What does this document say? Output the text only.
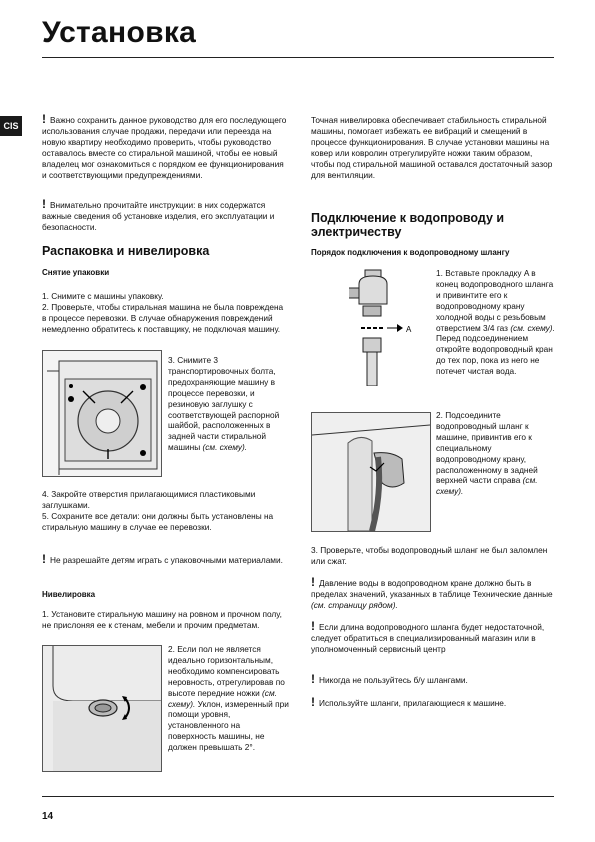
Установка
CIS ! Важно сохранить данное руководство для его последующего использования случае продажи, передачи или переезда на новую квартиру необходимо проверить, чтобы руководство оставалось вместе со стиральной машиной, чтобы ее новый владелец мог ознакомиться с порядком ее функционирования и соответствующими предупреждениями.
! Внимательно прочитайте инструкции: в них содержатся важные сведения об установке изделия, его эксплуатации и безопасности.
Распаковка и нивелировка
Снятие упаковки
1. Снимите с машины упаковку.
2. Проверьте, чтобы стиральная машина не была повреждена в процессе перевозки. В случае обнаружения повреждений немедленно обратитесь к поставщику, не подключая машину.
3. Снимите 3 транспортировочных болта, предохраняющие машину в процессе перевозки, и резиновую заглушку с соответствующей распорной шайбой, расположенных в задней части стиральной машины (см. схему).
4. Закройте отверстия прилагающимися пластиковыми заглушками.
5. Сохраните все детали: они должны быть установлены на стиральную машину в случае ее перевозки.
! Не разрешайте детям играть с упаковочными материалами.
Нивелировка
1. Установите стиральную машину на ровном и прочном полу, не прислоняя ее к стенам, мебели и прочим предметам.
2. Если пол не является идеально горизонтальным, необходимо компенсировать неровность, отрегулировав по высоте передние ножки (см. схему). Уклон, измеренный при помощи уровня, установленного на поверхность машины, не должен превышать 2°.
Точная нивелировка обеспечивает стабильность стиральной машины, помогает избежать ее вибраций и смещений в процессе функционирования. В случае установки машины на ковер или ковролин отрегулируйте ножки таким образом, чтобы под стиральной машиной оставался достаточный зазор для вентиляции.
Подключение к водопроводу и электричеству
Порядок подключения к водопроводному шлангу
A
1. Вставьте прокладку A в конец водопроводного шланга и привинтите его к водопроводному крану холодной воды с резьбовым отверстием 3/4 газ (см. схему). Перед подсоединением откройте водопроводный кран до тех пор, пока из него не потечет чистая вода.
2. Подсоедините водопроводный шланг к машине, привинтив его к специальному водопроводному крану, расположенному в задней верхней части справа (см. схему).
3. Проверьте, чтобы водопроводный шланг не был заломлен или сжат.
! Давление воды в водопроводном кране должно быть в пределах значений, указанных в таблице Технические данные (см. страницу рядом).
! Если длина водопроводного шланга будет недостаточной, следует обратиться в специализированный магазин или в уполномоченный сервисный центр
! Никогда не пользуйтесь б/у шлангами.
! Используйте шланги, прилагающиеся к машине.
14
